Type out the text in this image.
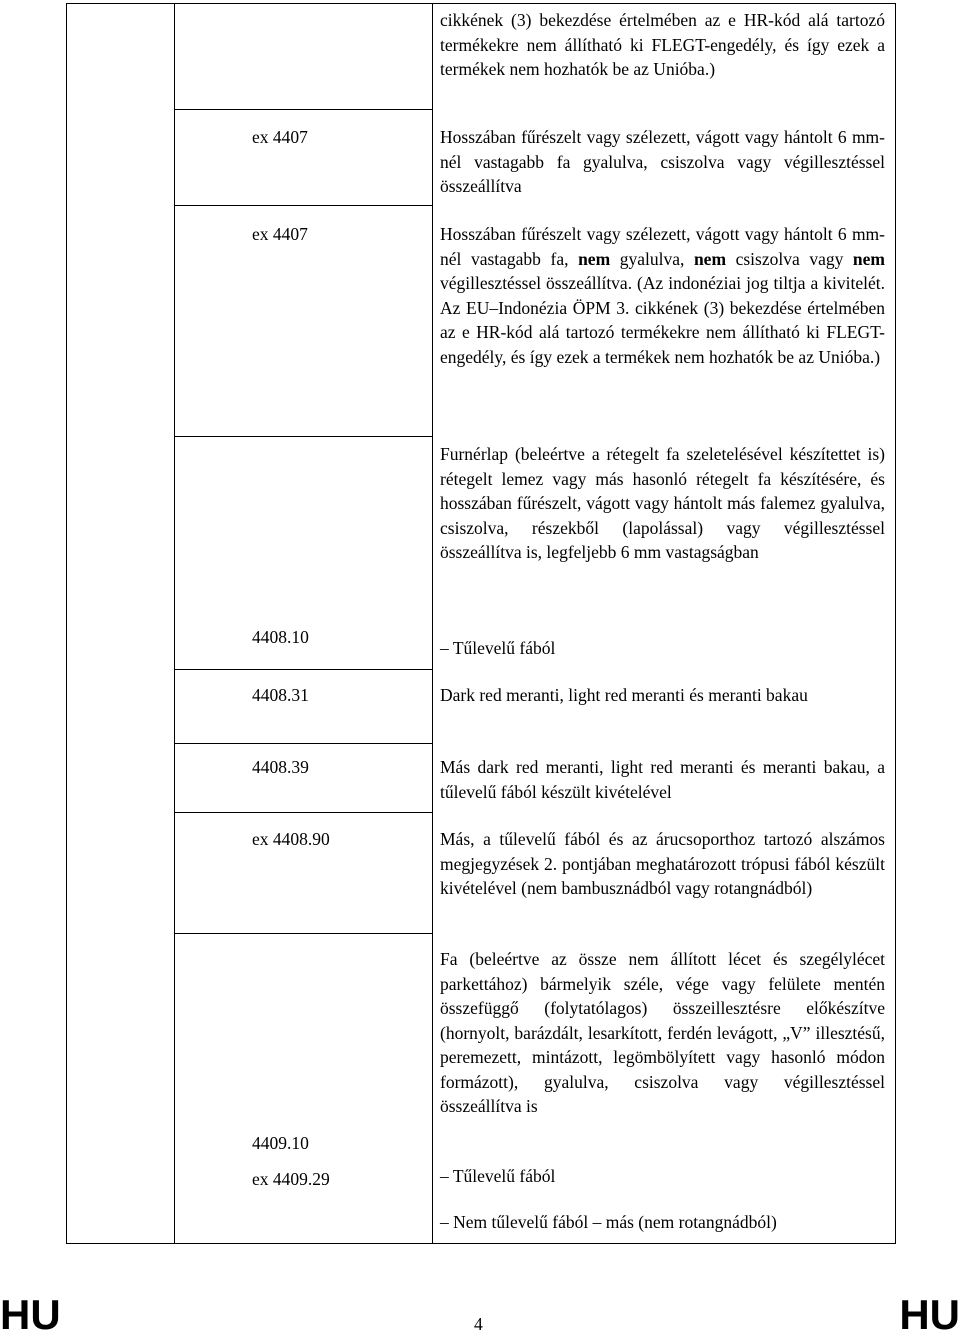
cikkének (3) bekezdése értelmében az e HR-kód alá tartozó termékekre nem állítható ki FLEGT-engedély, és így ezek a termékek nem hozhatók be az Unióba.)
ex 4407	Hosszában fűrészelt vagy szélezett, vágott vagy hántolt 6 mm-nél vastagabb fa gyalulva, csiszolva vagy végillesztéssel összeállítva
ex 4407	Hosszában fűrészelt vagy szélezett, vágott vagy hántolt 6 mm-nél vastagabb fa, nem gyalulva, nem csiszolva vagy nem végillesztéssel összeállítva. (Az indonéziai jog tiltja a kivitelét. Az EU–Indonézia ÖPM 3. cikkének (3) bekezdése értelmében az e HR-kód alá tartozó termékekre nem állítható ki FLEGT-engedély, és így ezek a termékek nem hozhatók be az Unióba.)
Furnérlap (beleértve a rétegelt fa szeletelésével készítettet is) rétegelt lemez vagy más hasonló rétegelt fa készítésére, és hosszában fűrészelt, vágott vagy hántolt más falemez gyalulva, csiszolva, részekből (lapolással) vagy végillesztéssel összeállítva is, legfeljebb 6 mm vastagságban
4408.10
– Tűlevelű fából
4408.31	Dark red meranti, light red meranti és meranti bakau
4408.39	Más dark red meranti, light red meranti és meranti bakau, a tűlevelű fából készült kivételével
ex 4408.90	Más, a tűlevelű fából és az árucsoporthoz tartozó alszámos megjegyzések 2. pontjában meghatározott trópusi fából készült kivételével (nem bambusznádból vagy rotangnádból)
Fa (beleértve az össze nem állított lécet és szegélylécet parkettához) bármelyik széle, vége vagy felülete mentén összefüggő (folytatólagos) összeillesztésre előkészítve (hornyolt, barázdált, lesarkított, ferdén levágott, „V” illesztésű, peremezett, mintázott, legömbölyített vagy hasonló módon formázott), gyalulva, csiszolva vagy végillesztéssel összeállítva is
4409.10
ex 4409.29
–	Tűlevelű fából
– Nem tűlevelű fából – más (nem rotangnádból)
HU	4	HU
